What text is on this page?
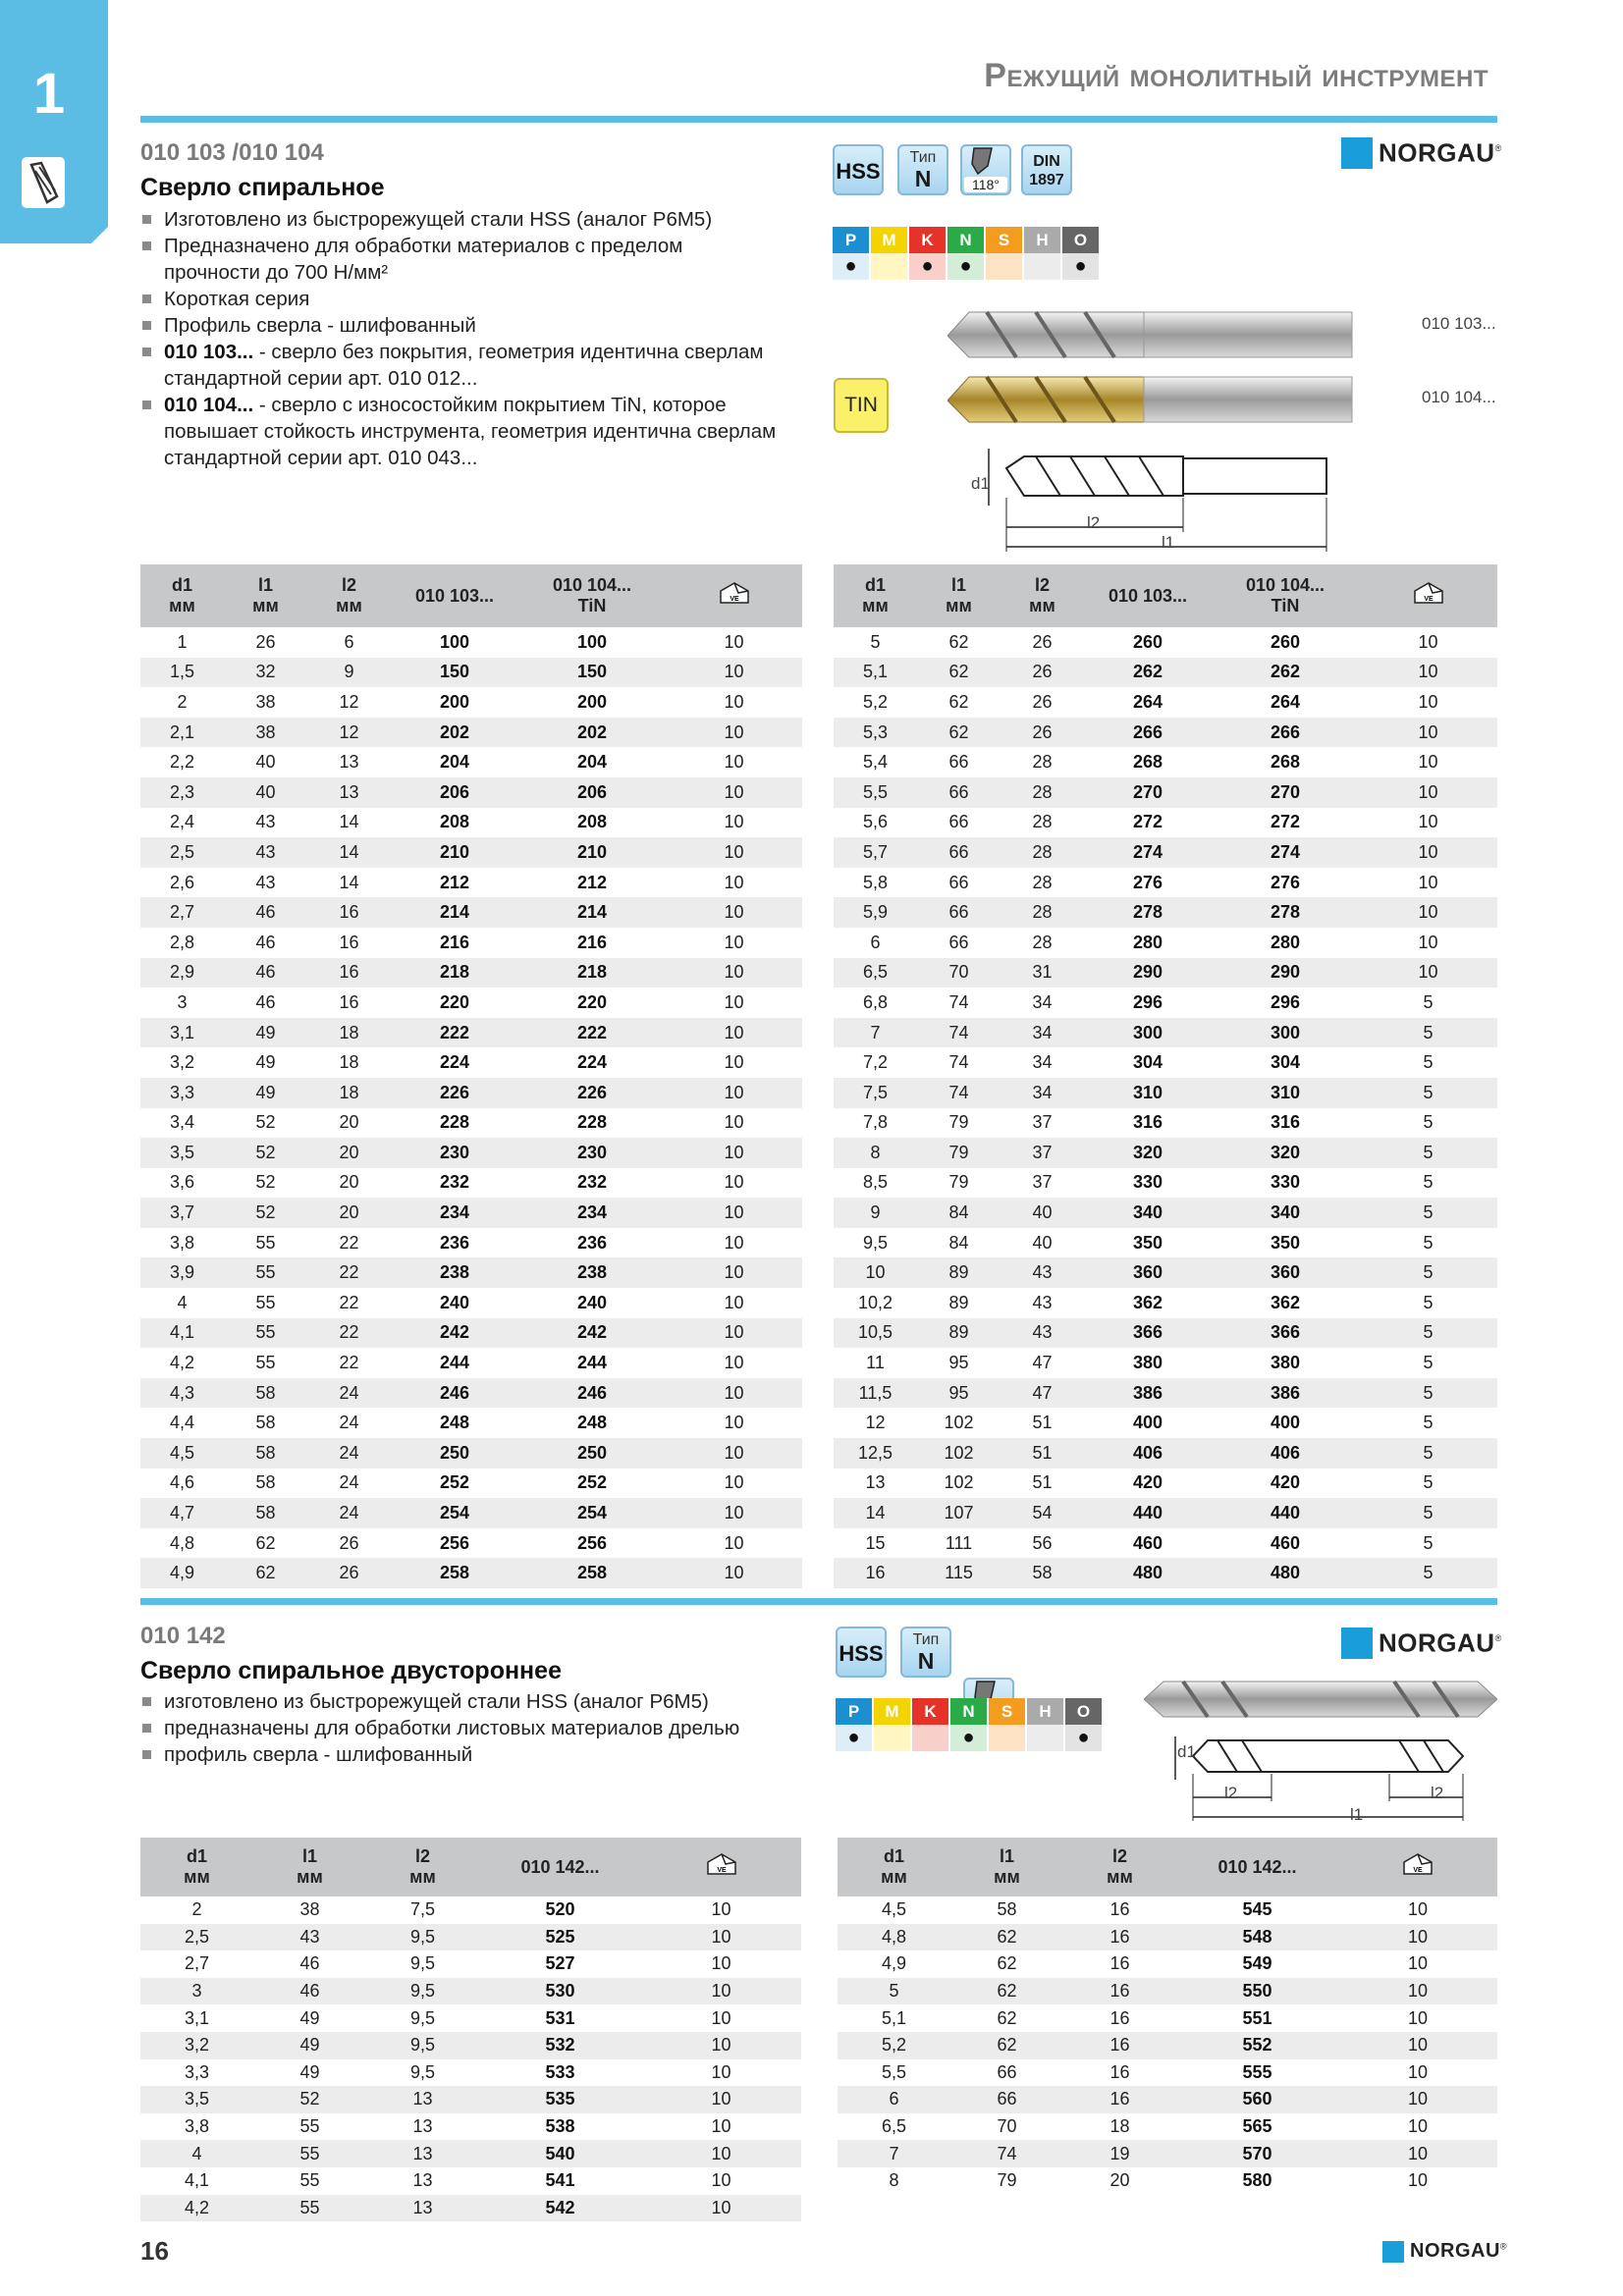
1	Режущий монолитный инструмент
010 103 /010 104
Сверло спиральное
Изготовлено из быстрорежущей стали HSS (аналог Р6М5)
Предназначено для обработки материалов с пределом прочности до 700 Н/мм²
Короткая серия
Профиль сверла - шлифованный
010 103... - сверло без покрытия, геометрия идентична сверлам стандартной серии арт. 010 012...
010 104... - сверло с износостойким покрытием TiN, которое повышает стойкость инструмента, геометрия идентична сверлам стандартной серии арт. 010 043...
HSS
Тип
N	118°
DIN
1897
P	M	K	N	S	H	O
●		●	●			●
NORGAU®
010 103...
TIN	010 104...
d1
l2
l1
d1
мм	l1
мм	l2
мм	010 103...	010 104...
TiN	VE

1	26	6	100	100	10
1,5	32	9	150	150	10
2	38	12	200	200	10
2,1	38	12	202	202	10
2,2	40	13	204	204	10
2,3	40	13	206	206	10
2,4	43	14	208	208	10
2,5	43	14	210	210	10
2,6	43	14	212	212	10
2,7	46	16	214	214	10
2,8	46	16	216	216	10
2,9	46	16	218	218	10
3	46	16	220	220	10
3,1	49	18	222	222	10
3,2	49	18	224	224	10
3,3	49	18	226	226	10
3,4	52	20	228	228	10
3,5	52	20	230	230	10
3,6	52	20	232	232	10
3,7	52	20	234	234	10
3,8	55	22	236	236	10
3,9	55	22	238	238	10
4	55	22	240	240	10
4,1	55	22	242	242	10
4,2	55	22	244	244	10
4,3	58	24	246	246	10
4,4	58	24	248	248	10
4,5	58	24	250	250	10
4,6	58	24	252	252	10
4,7	58	24	254	254	10
4,8	62	26	256	256	10
4,9	62	26	258	258	10
d1
мм	l1
мм	l2
мм	010 103...	010 104...
TiN	VE

5	62	26	260	260	10
5,1	62	26	262	262	10
5,2	62	26	264	264	10
5,3	62	26	266	266	10
5,4	66	28	268	268	10
5,5	66	28	270	270	10
5,6	66	28	272	272	10
5,7	66	28	274	274	10
5,8	66	28	276	276	10
5,9	66	28	278	278	10
6	66	28	280	280	10
6,5	70	31	290	290	10
6,8	74	34	296	296	5
7	74	34	300	300	5
7,2	74	34	304	304	5
7,5	74	34	310	310	5
7,8	79	37	316	316	5
8	79	37	320	320	5
8,5	79	37	330	330	5
9	84	40	340	340	5
9,5	84	40	350	350	5
10	89	43	360	360	5
10,2	89	43	362	362	5
10,5	89	43	366	366	5
11	95	47	380	380	5
11,5	95	47	386	386	5
12	102	51	400	400	5
12,5	102	51	406	406	5
13	102	51	420	420	5
14	107	54	440	440	5
15	111	56	460	460	5
16	115	58	480	480	5
010 142
Сверло спиральное двустороннее
изготовлено из быстрорежущей стали HSS (аналог Р6М5)
предназначены для обработки листовых материалов дрелью
профиль сверла - шлифованный
HSS
Тип
N
P	M	K	N	S	H	O
●			●			●
NORGAU®
d1
l2	l2
l1
d1
мм	l1
мм	l2
мм	010 142...	VE

2	38	7,5	520	10
2,5	43	9,5	525	10
2,7	46	9,5	527	10
3	46	9,5	530	10
3,1	49	9,5	531	10
3,2	49	9,5	532	10
3,3	49	9,5	533	10
3,5	52	13	535	10
3,8	55	13	538	10
4	55	13	540	10
4,1	55	13	541	10
4,2	55	13	542	10
d1
мм	l1
мм	l2
мм	010 142...	VE

4,5	58	16	545	10
4,8	62	16	548	10
4,9	62	16	549	10
5	62	16	550	10
5,1	62	16	551	10
5,2	62	16	552	10
5,5	66	16	555	10
6	66	16	560	10
6,5	70	18	565	10
7	74	19	570	10
8	79	20	580	10
16	NORGAU®
